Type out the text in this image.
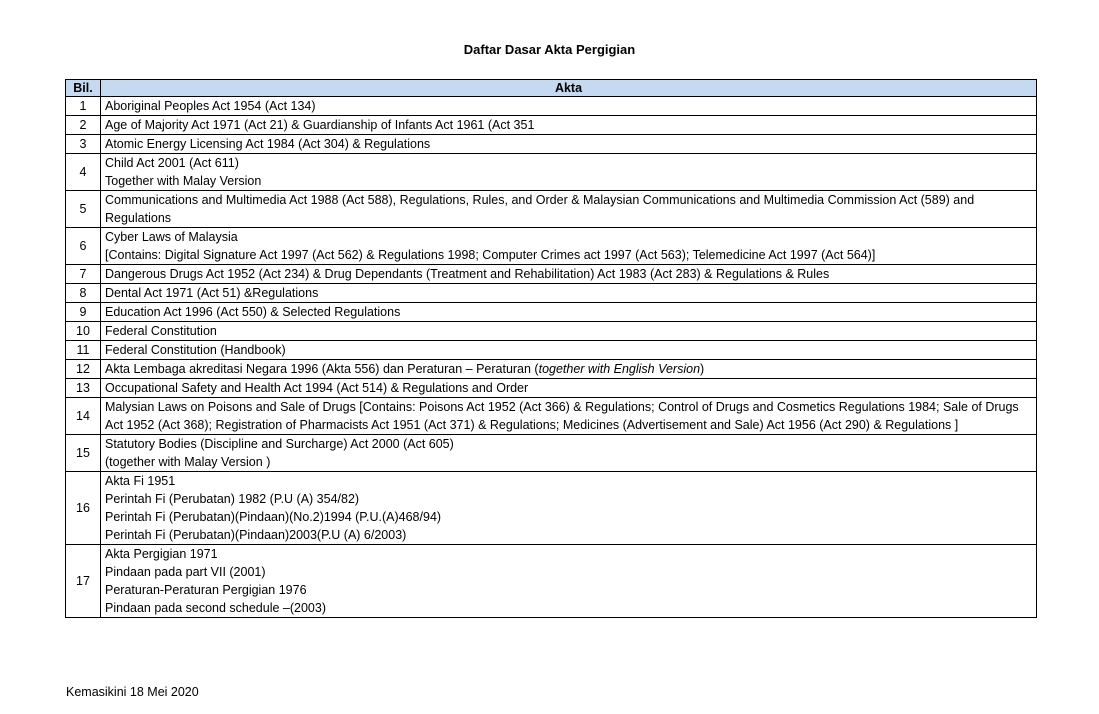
Daftar Dasar Akta Pergigian
Bil.	Akta
1	Aboriginal Peoples Act 1954 (Act 134)

2	Age of Majority Act 1971 (Act 21) & Guardianship of Infants Act 1961 (Act 351

3	Atomic Energy Licensing Act 1984 (Act 304) & Regulations

4	Child Act 2001 (Act 611)
Together with Malay Version

5	Communications and Multimedia Act 1988 (Act 588), Regulations, Rules, and Order & Malaysian Communications and Multimedia Commission Act (589) and Regulations

6	Cyber Laws of Malaysia
[Contains: Digital Signature Act 1997 (Act 562) & Regulations 1998; Computer Crimes act 1997 (Act 563); Telemedicine Act 1997 (Act 564)]

7	Dangerous Drugs Act 1952 (Act 234) & Drug Dependants (Treatment and Rehabilitation) Act 1983 (Act 283) & Regulations & Rules

8	Dental Act 1971 (Act 51) &Regulations

9	Education Act 1996 (Act 550) & Selected Regulations

10	Federal Constitution

11	Federal Constitution (Handbook)

12	Akta Lembaga akreditasi Negara 1996 (Akta 556) dan Peraturan – Peraturan (together with English Version)

13	Occupational Safety and Health Act 1994 (Act 514) & Regulations and Order

14	Malysian Laws on Poisons and Sale of Drugs [Contains: Poisons Act 1952 (Act 366) & Regulations; Control of Drugs and Cosmetics Regulations 1984; Sale of Drugs Act 1952 (Act 368); Registration of Pharmacists Act 1951 (Act 371) & Regulations; Medicines (Advertisement and Sale) Act 1956 (Act 290) & Regulations ]

15	Statutory Bodies (Discipline and Surcharge) Act 2000 (Act 605)
(together with Malay Version )

16	Akta Fi 1951
Perintah Fi (Perubatan) 1982 (P.U (A) 354/82)
Perintah Fi (Perubatan)(Pindaan)(No.2)1994 (P.U.(A)468/94)
Perintah Fi (Perubatan)(Pindaan)2003(P.U (A) 6/2003)

17	Akta Pergigian 1971
Pindaan pada part VII (2001)
Peraturan-Peraturan Pergigian 1976
Pindaan pada second schedule –(2003)
Kemasikini 18 Mei 2020
